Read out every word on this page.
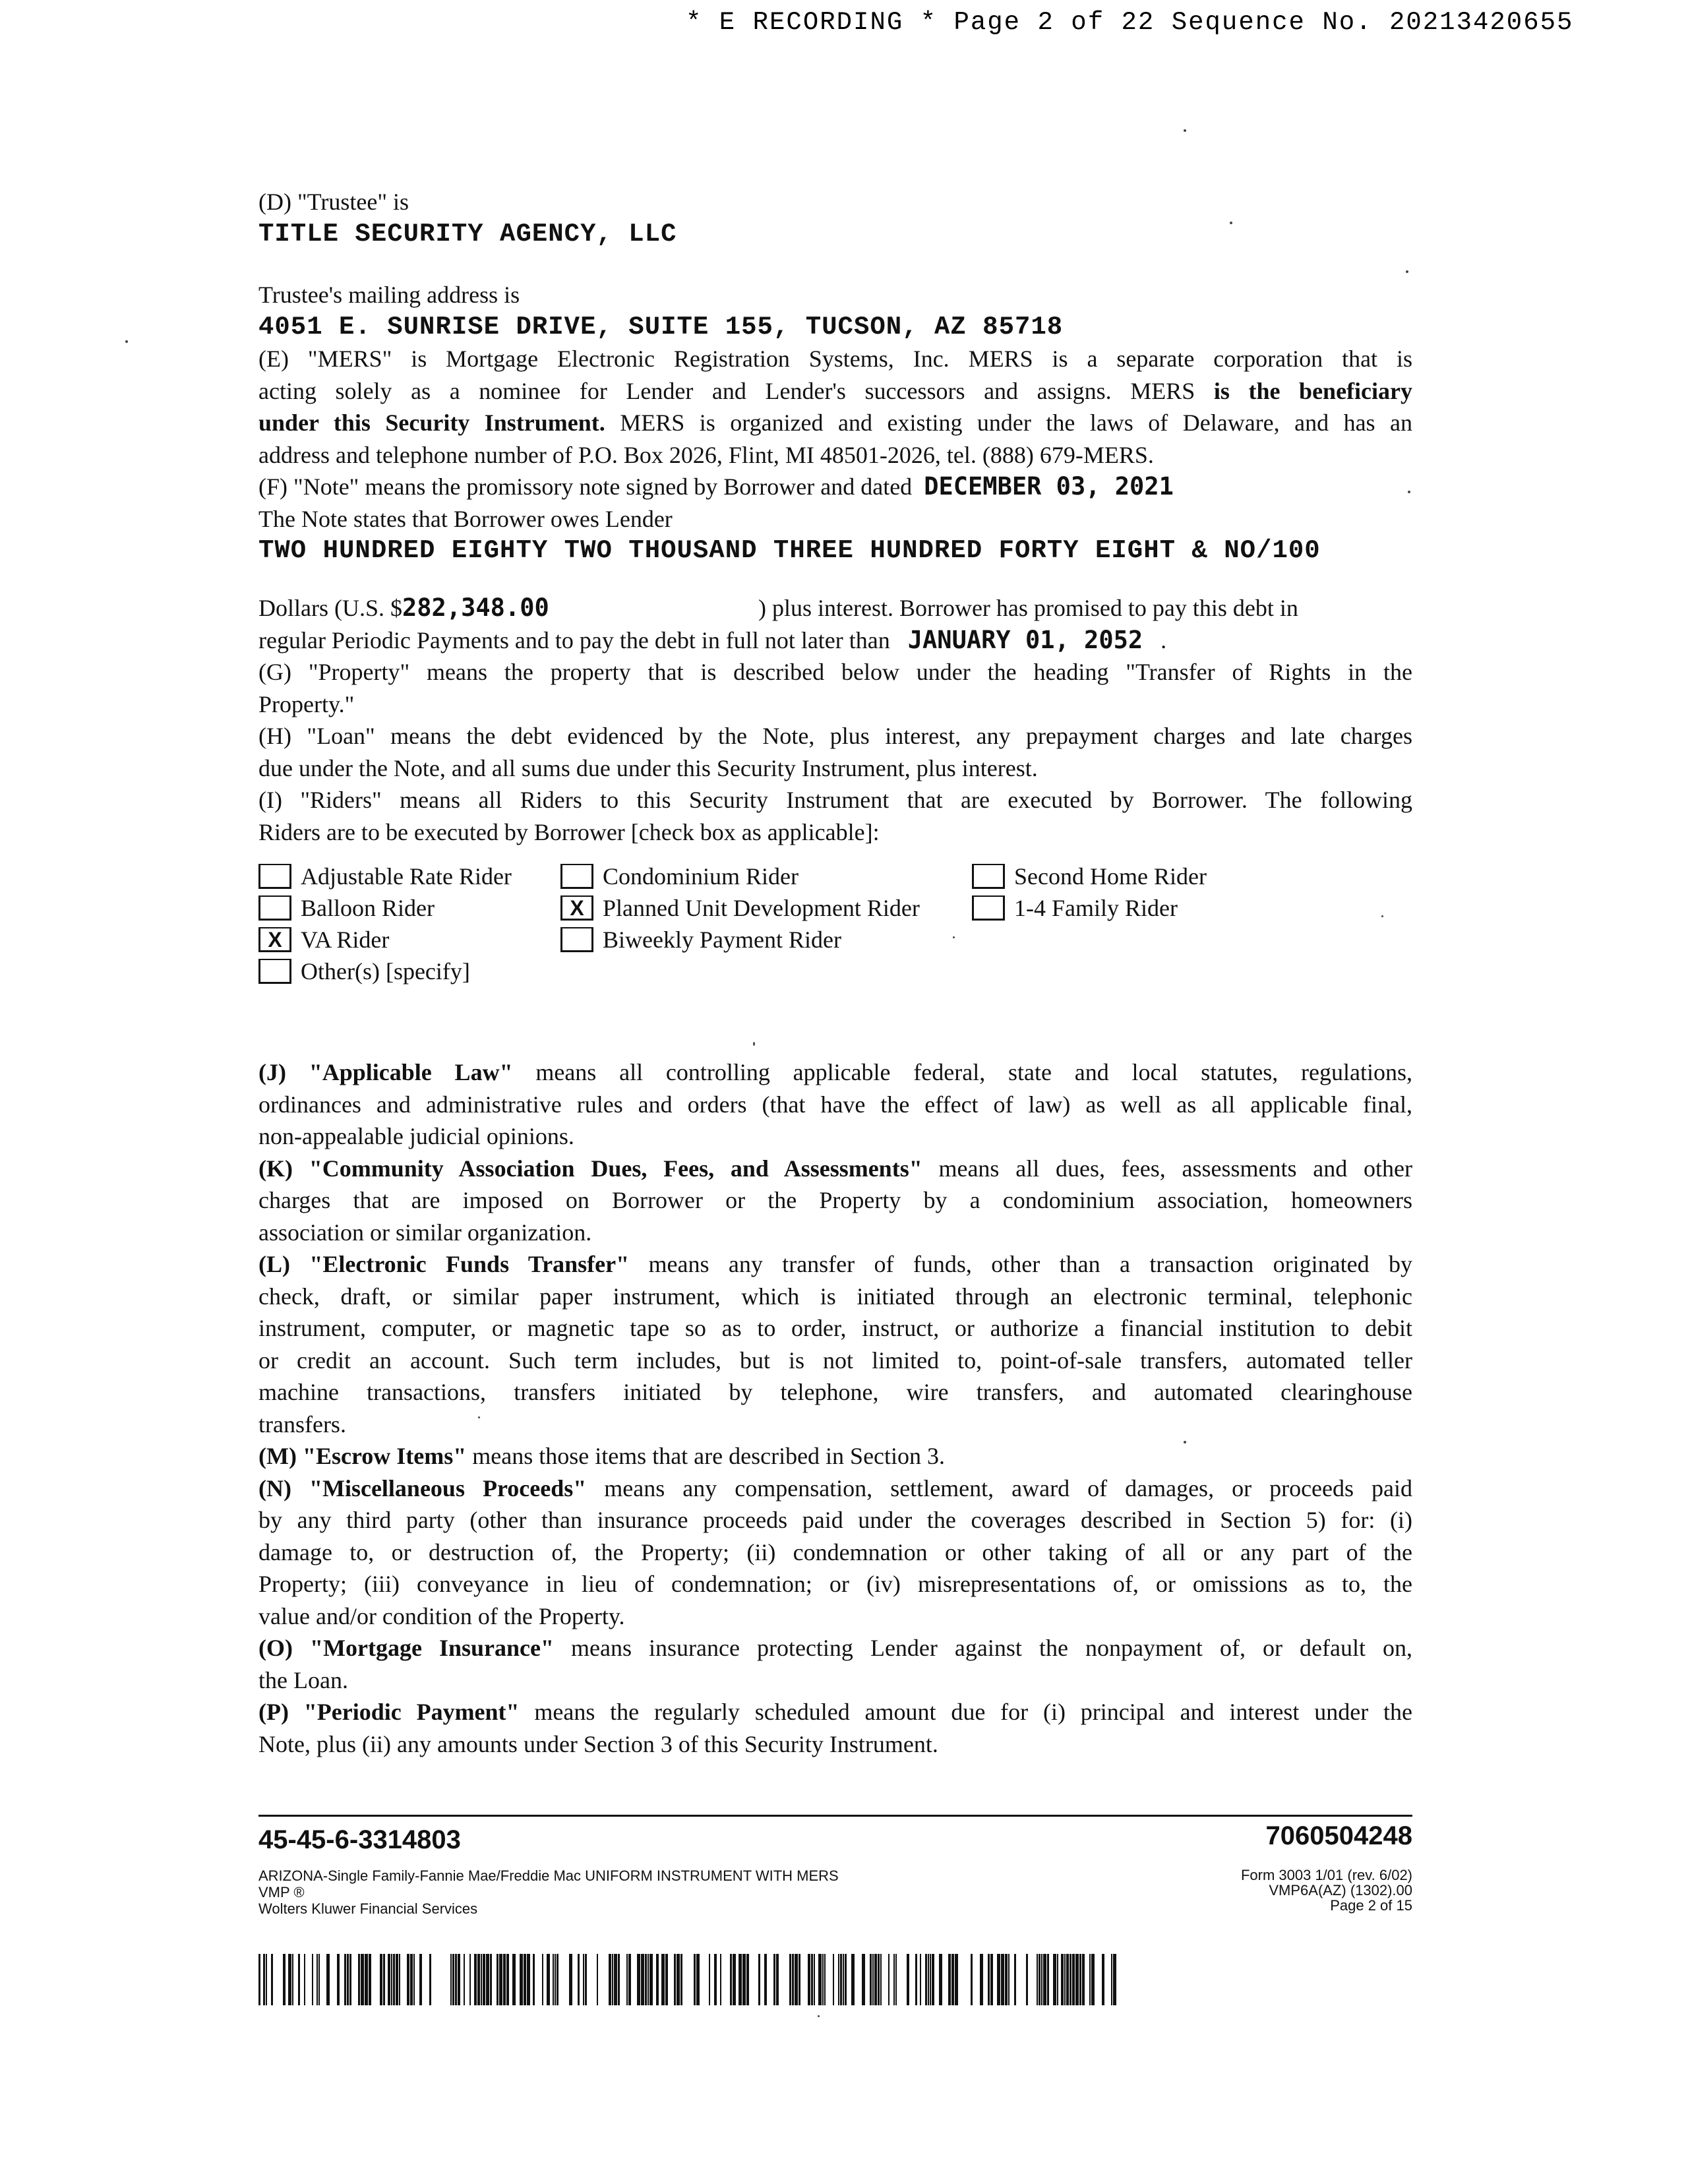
* E RECORDING * Page 2 of 22 Sequence No. 20213420655
(D) "Trustee" is
TITLE SECURITY AGENCY, LLC
Trustee's mailing address is
4051 E. SUNRISE DRIVE, SUITE 155, TUCSON, AZ 85718

(E) "MERS" is Mortgage Electronic Registration Systems, Inc. MERS is a separate corporation that is

acting solely as a nominee for Lender and Lender's successors and assigns. MERS is the beneficiary

under this Security Instrument. MERS is organized and existing under the laws of Delaware, and has an

address and telephone number of P.O. Box 2026, Flint, MI 48501-2026, tel. (888) 679-MERS.

(F) "Note" means the promissory note signed by Borrower and dated DECEMBER 03, 2021

The Note states that Borrower owes Lender

TWO HUNDRED EIGHTY TWO THOUSAND THREE HUNDRED FORTY EIGHT & NO/100

Dollars (U.S. $282,348.00	) plus interest. Borrower has promised to pay this debt in

regular Periodic Payments and to pay the debt in full not later than JANUARY 01, 2052   .

(G) "Property" means the property that is described below under the heading "Transfer of Rights in the

Property."

(H) "Loan" means the debt evidenced by the Note, plus interest, any prepayment charges and late charges

due under the Note, and all sums due under this Security Instrument, plus interest.

(I) "Riders" means all Riders to this Security Instrument that are executed by Borrower. The following

Riders are to be executed by Borrower [check box as applicable]:

Adjustable Rate Rider	Condominium Rider	Second Home Rider
Balloon Rider	X Planned Unit Development Rider	1-4 Family Rider
X VA Rider	Biweekly Payment Rider
Other(s) [specify]

(J) "Applicable Law" means all controlling applicable federal, state and local statutes, regulations,

ordinances and administrative rules and orders (that have the effect of law) as well as all applicable final,

non-appealable judicial opinions.

(K) "Community Association Dues, Fees, and Assessments" means all dues, fees, assessments and other

charges that are imposed on Borrower or the Property by a condominium association, homeowners

association or similar organization.

(L) "Electronic Funds Transfer" means any transfer of funds, other than a transaction originated by

check, draft, or similar paper instrument, which is initiated through an electronic terminal, telephonic

instrument, computer, or magnetic tape so as to order, instruct, or authorize a financial institution to debit

or credit an account. Such term includes, but is not limited to, point-of-sale transfers, automated teller

machine transactions, transfers initiated by telephone, wire transfers, and automated clearinghouse

transfers.

(M) "Escrow Items" means those items that are described in Section 3.

(N) "Miscellaneous Proceeds" means any compensation, settlement, award of damages, or proceeds paid

by any third party (other than insurance proceeds paid under the coverages described in Section 5) for: (i)

damage to, or destruction of, the Property; (ii) condemnation or other taking of all or any part of the

Property; (iii) conveyance in lieu of condemnation; or (iv) misrepresentations of, or omissions as to, the

value and/or condition of the Property.

(O) "Mortgage Insurance" means insurance protecting Lender against the nonpayment of, or default on,

the Loan.

(P) "Periodic Payment" means the regularly scheduled amount due for (i) principal and interest under the

Note, plus (ii) any amounts under Section 3 of this Security Instrument.

45-45-6-3314803	7060504248
ARIZONA-Single Family-Fannie Mae/Freddie Mac UNIFORM INSTRUMENT WITH MERS
VMP ®
Wolters Kluwer Financial Services
Form 3003 1/01 (rev. 6/02)
VMP6A(AZ) (1302).00
Page 2 of 15
